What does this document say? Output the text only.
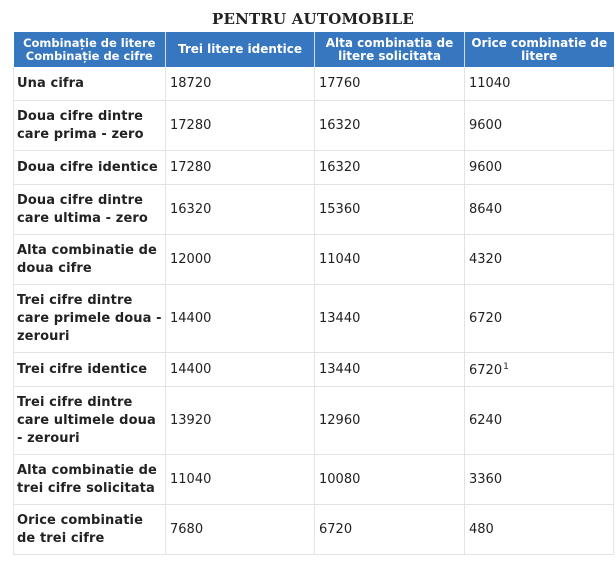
PENTRU AUTOMOBILE
Combinație de litere
Combinație de cifre	Trei litere identice	Alta combinatia de litere solicitata	Orice combinatie de litere
Una cifra	18720	17760	11040
Doua cifre dintre care prima - zero	17280	16320	9600
Doua cifre identice	17280	16320	9600
Doua cifre dintre care ultima - zero	16320	15360	8640
Alta combinatie de doua cifre	12000	11040	4320
Trei cifre dintre care primele doua - zerouri	14400	13440	6720
Trei cifre identice	14400	13440	6720$^1$
Trei cifre dintre care ultimele doua - zerouri	13920	12960	6240
Alta combinatie de trei cifre solicitata	11040	10080	3360
Orice combinatie de trei cifre	7680	6720	480
